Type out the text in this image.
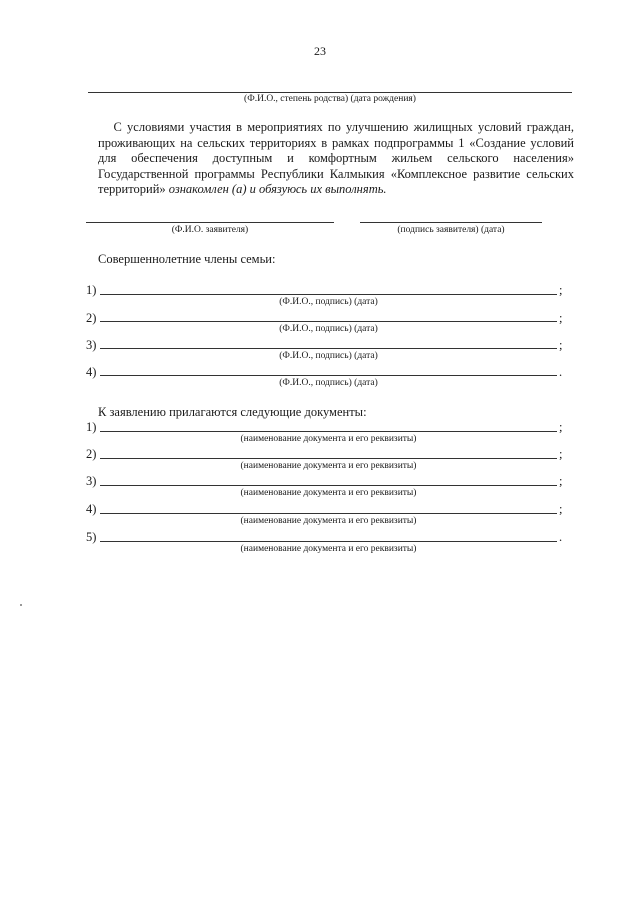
23
(Ф.И.О., степень родства) (дата рождения)
С условиями участия в мероприятиях по улучшению жилищных условий граждан, проживающих на сельских территориях в рамках подпрограммы 1 «Создание условий для обеспечения доступным и комфортным жильем сельского населения» Государственной программы Республики Калмыкия «Комплексное развитие сельских территорий» ознакомлен (а) и обязуюсь их выполнять.
(Ф.И.О. заявителя)	(подпись заявителя) (дата)
Совершеннолетние члены семьи:
1)	;
(Ф.И.О., подпись) (дата)
2)	;
(Ф.И.О., подпись) (дата)
3)	;
(Ф.И.О., подпись) (дата)
4)	.
(Ф.И.О., подпись) (дата)
К заявлению прилагаются следующие документы:
1)	;
(наименование документа и его реквизиты)
2)	;
(наименование документа и его реквизиты)
3)	;
(наименование документа и его реквизиты)
4)	;
(наименование документа и его реквизиты)
5)	.
(наименование документа и его реквизиты)
